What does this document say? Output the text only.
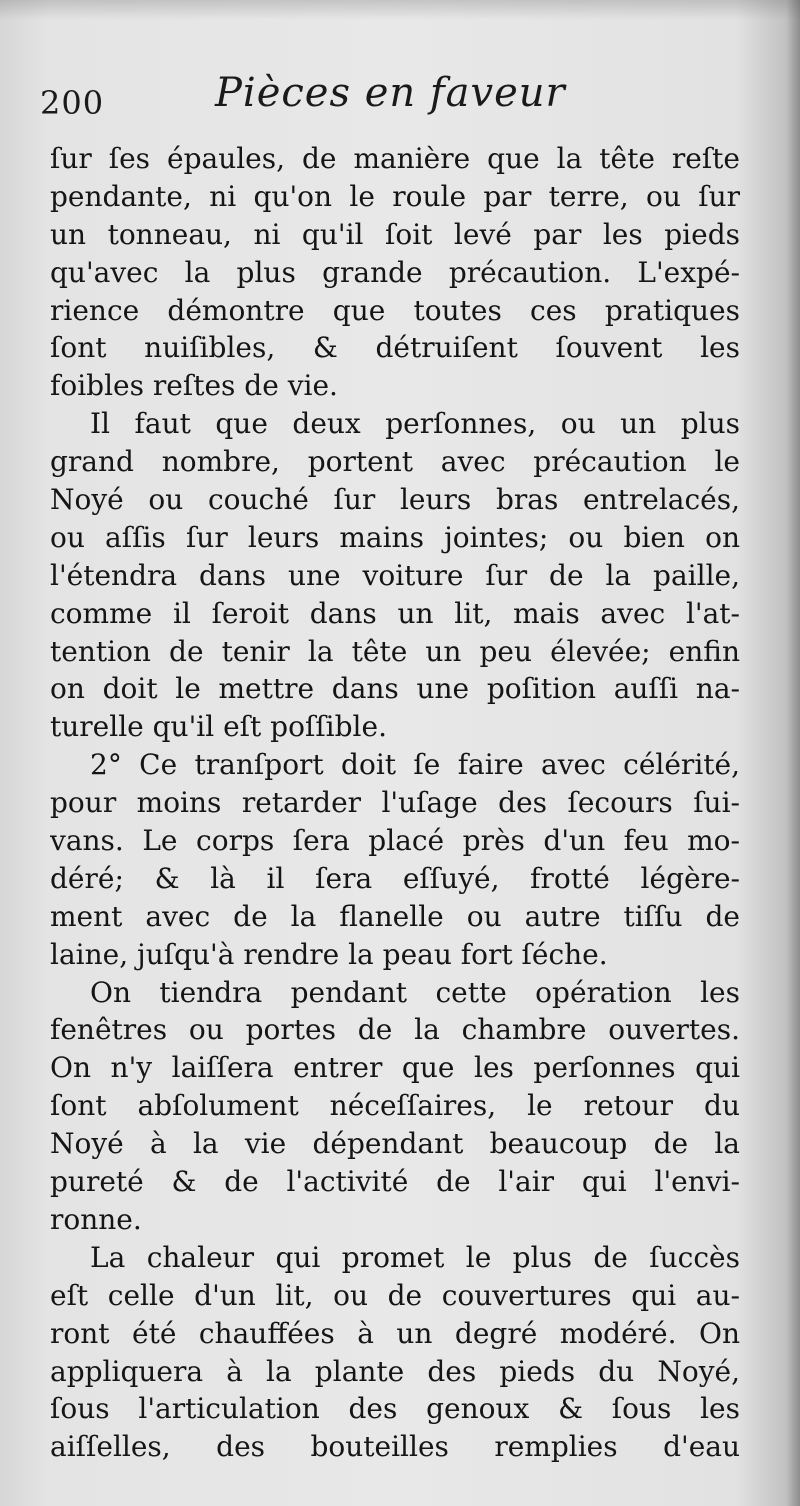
200	Pièces en faveur
ſur ſes épaules, de manière que la tête reſte
pendante, ni qu'on le roule par terre, ou ſur
un tonneau, ni qu'il ſoit levé par les pieds
qu'avec la plus grande précaution. L'expé-
rience démontre que toutes ces pratiques
ſont nuiſibles, & détruiſent ſouvent les
foibles reſtes de vie.
Il faut que deux perſonnes, ou un plus
grand nombre, portent avec précaution le
Noyé ou couché ſur leurs bras entrelacés,
ou aſſis ſur leurs mains jointes; ou bien on
l'étendra dans une voiture ſur de la paille,
comme il ſeroit dans un lit, mais avec l'at-
tention de tenir la tête un peu élevée; enfin
on doit le mettre dans une poſition auſſi na-
turelle qu'il eſt poſſible.
2° Ce tranſport doit ſe faire avec célérité,
pour moins retarder l'uſage des ſecours ſui-
vans. Le corps ſera placé près d'un feu mo-
déré; & là il ſera eſſuyé, frotté légère-
ment avec de la flanelle ou autre tiſſu de
laine, juſqu'à rendre la peau fort ſéche.
On tiendra pendant cette opération les
fenêtres ou portes de la chambre ouvertes.
On n'y laiſſera entrer que les perſonnes qui
ſont abſolument néceſſaires, le retour du
Noyé à la vie dépendant beaucoup de la
pureté & de l'activité de l'air qui l'envi-
ronne.
La chaleur qui promet le plus de ſuccès
eſt celle d'un lit, ou de couvertures qui au-
ront été chauffées à un degré modéré. On
appliquera à la plante des pieds du Noyé,
ſous l'articulation des genoux & ſous les
aiſſelles, des bouteilles remplies d'eau
